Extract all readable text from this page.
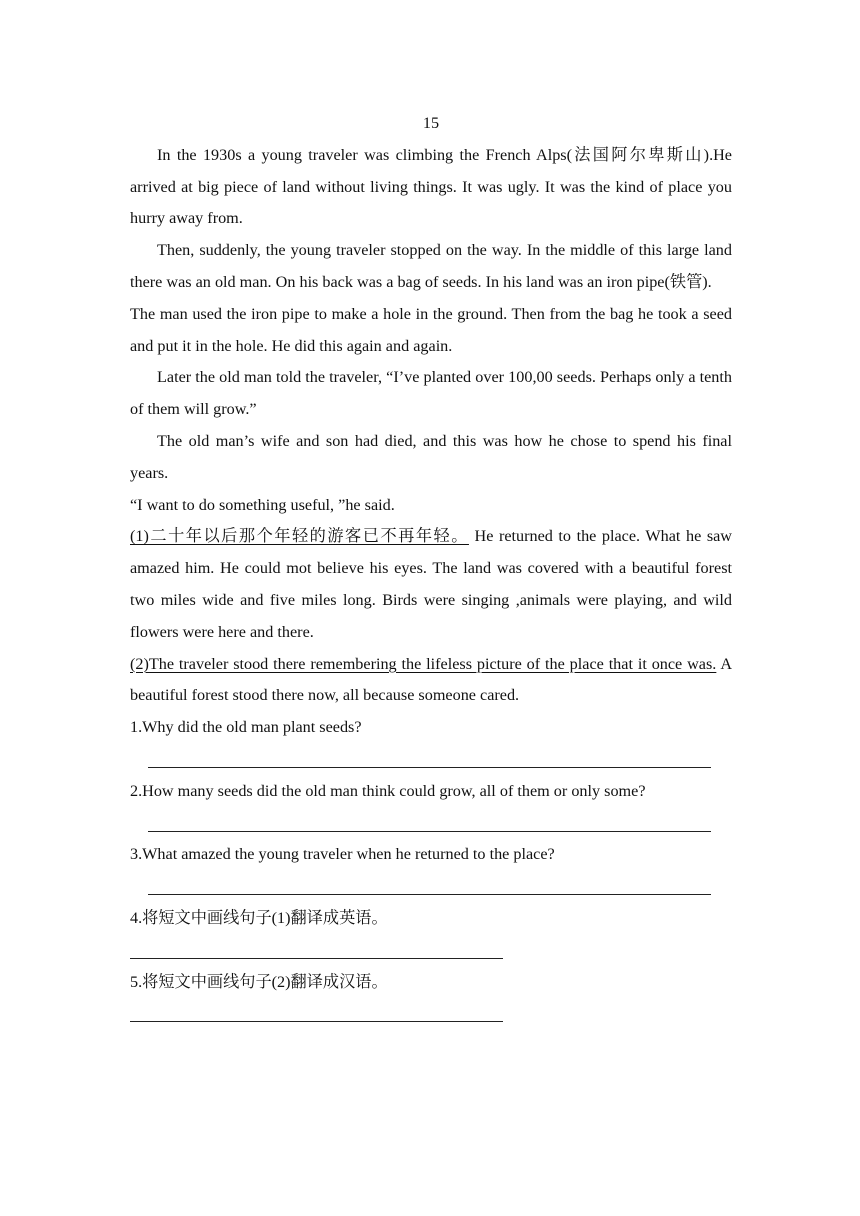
15

In the 1930s a young traveler was climbing the French Alps(法国阿尔卑斯山).He arrived at big piece of land without living things. It was ugly. It was the kind of place you hurry away from.

Then, suddenly, the young traveler stopped on the way. In the middle of this large land there was an old man. On his back was a bag of seeds. In his land was an iron pipe(铁管).

The man used the iron pipe to make a hole in the ground. Then from the bag he took a seed and put it in the hole. He did this again and again.

Later the old man told the traveler, “I’ve planted over 100,00 seeds. Perhaps only a tenth of them will grow.”

The old man’s wife and son had died, and this was how he chose to spend his final years.

“I want to do something useful, ”he said.

(1)二十年以后那个年轻的游客已不再年轻。 He returned to the place. What he saw amazed him. He could mot believe his eyes. The land was covered with a beautiful forest two miles wide and five miles long. Birds were singing ,animals were playing, and wild flowers were here and there.

(2)The traveler stood there remembering the lifeless picture of the place that it once was. A beautiful forest stood there now, all because someone cared.

1.Why did the old man plant seeds?

2.How many seeds did the old man think could grow, all of them or only some?

3.What amazed the young traveler when he returned to the place?

4.将短文中画线句子(1)翻译成英语。

5.将短文中画线句子(2)翻译成汉语。
